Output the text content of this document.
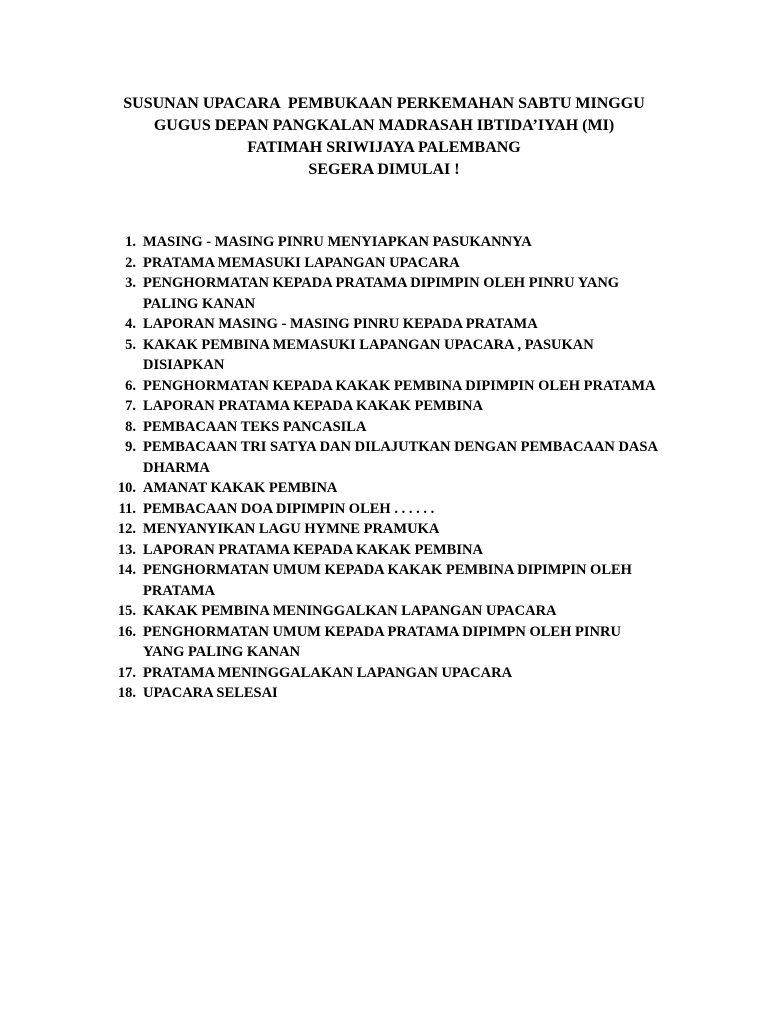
SUSUNAN UPACARA  PEMBUKAAN PERKEMAHAN SABTU MINGGU
GUGUS DEPAN PANGKALAN MADRASAH IBTIDA’IYAH (MI)
FATIMAH SRIWIJAYA PALEMBANG
SEGERA DIMULAI !
1. MASING - MASING PINRU MENYIAPKAN PASUKANNYA
2. PRATAMA MEMASUKI LAPANGAN UPACARA
3. PENGHORMATAN KEPADA PRATAMA DIPIMPIN OLEH PINRU YANG
PALING KANAN
4. LAPORAN MASING - MASING PINRU KEPADA PRATAMA
5. KAKAK PEMBINA MEMASUKI LAPANGAN UPACARA , PASUKAN
DISIAPKAN
6. PENGHORMATAN KEPADA KAKAK PEMBINA DIPIMPIN OLEH PRATAMA
7. LAPORAN PRATAMA KEPADA KAKAK PEMBINA
8. PEMBACAAN TEKS PANCASILA
9. PEMBACAAN TRI SATYA DAN DILAJUTKAN DENGAN PEMBACAAN DASA
DHARMA
10. AMANAT KAKAK PEMBINA
11. PEMBACAAN DOA DIPIMPIN OLEH . . . . . .
12. MENYANYIKAN LAGU HYMNE PRAMUKA
13. LAPORAN PRATAMA KEPADA KAKAK PEMBINA
14. PENGHORMATAN UMUM KEPADA KAKAK PEMBINA DIPIMPIN OLEH
PRATAMA
15. KAKAK PEMBINA MENINGGALKAN LAPANGAN UPACARA
16. PENGHORMATAN UMUM KEPADA PRATAMA DIPIMPN OLEH PINRU
YANG PALING KANAN
17. PRATAMA MENINGGALAKAN LAPANGAN UPACARA
18. UPACARA SELESAI
